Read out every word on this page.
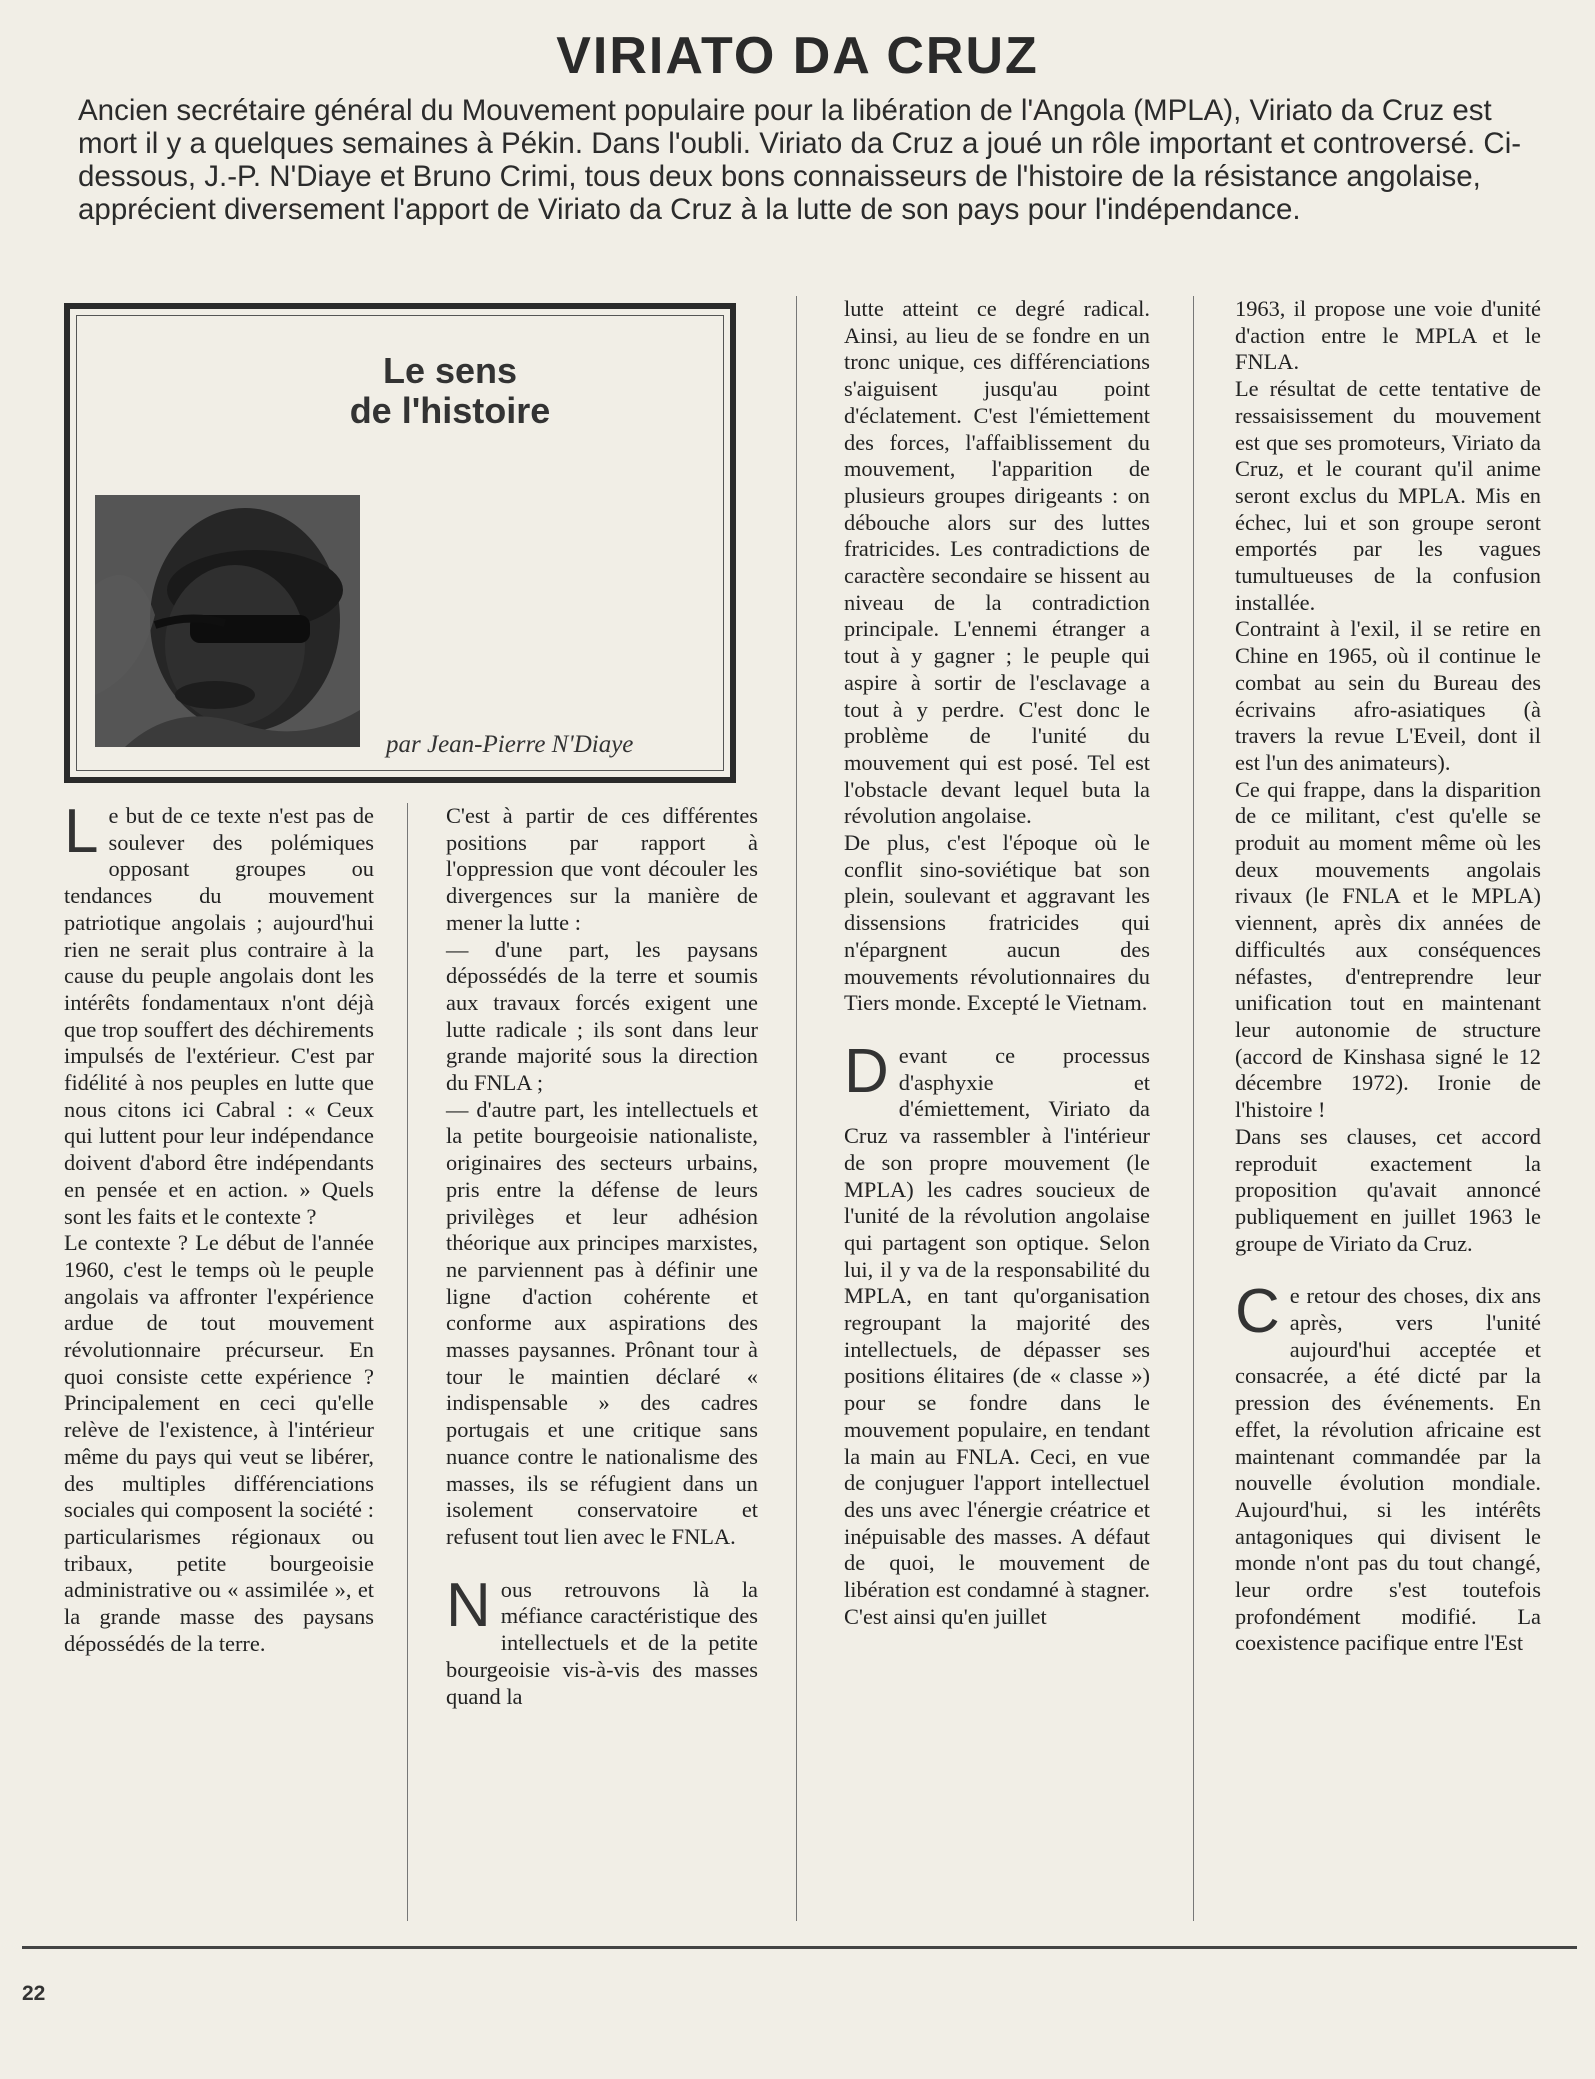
VIRIATO DA CRUZ

Ancien secrétaire général du Mouvement populaire pour la libération de l'Angola (MPLA), Viriato da Cruz est mort il y a quelques semaines à Pékin. Dans l'oubli. Viriato da Cruz a joué un rôle important et controversé. Ci-dessous, J.-P. N'Diaye et Bruno Crimi, tous deux bons connaisseurs de l'histoire de la résistance angolaise, apprécient diversement l'apport de Viriato da Cruz à la lutte de son pays pour l'indépendance.

Le sens
de l'histoire
par Jean-Pierre N'Diaye

Le but de ce texte n'est pas de soulever des polémiques opposant groupes ou tendances du mouvement patriotique angolais ; aujourd'hui rien ne serait plus contraire à la cause du peuple angolais dont les intérêts fondamentaux n'ont déjà que trop souffert des déchirements impulsés de l'extérieur. C'est par fidélité à nos peuples en lutte que nous citons ici Cabral : « Ceux qui luttent pour leur indépendance doivent d'abord être indépendants en pensée et en action. » Quels sont les faits et le contexte ?

Le contexte ? Le début de l'année 1960, c'est le temps où le peuple angolais va affronter l'expérience ardue de tout mouvement révolutionnaire précurseur. En quoi consiste cette expérience ? Principalement en ceci qu'elle relève de l'existence, à l'intérieur même du pays qui veut se libérer, des multiples différenciations sociales qui composent la société : particularismes régionaux ou tribaux, petite bourgeoisie administrative ou « assimilée », et la grande masse des paysans dépossédés de la terre.

C'est à partir de ces différentes positions par rapport à l'oppression que vont découler les divergences sur la manière de mener la lutte :

— d'une part, les paysans dépossédés de la terre et soumis aux travaux forcés exigent une lutte radicale ; ils sont dans leur grande majorité sous la direction du FNLA ;

— d'autre part, les intellectuels et la petite bourgeoisie nationaliste, originaires des secteurs urbains, pris entre la défense de leurs privilèges et leur adhésion théorique aux principes marxistes, ne parviennent pas à définir une ligne d'action cohérente et conforme aux aspirations des masses paysannes. Prônant tour à tour le maintien déclaré « indispensable » des cadres portugais et une critique sans nuance contre le nationalisme des masses, ils se réfugient dans un isolement conservatoire et refusent tout lien avec le FNLA.

Nous retrouvons là la méfiance caractéristique des intellectuels et de la petite bourgeoisie vis-à-vis des masses quand la

lutte atteint ce degré radical. Ainsi, au lieu de se fondre en un tronc unique, ces différenciations s'aiguisent jusqu'au point d'éclatement. C'est l'émiettement des forces, l'affaiblissement du mouvement, l'apparition de plusieurs groupes dirigeants : on débouche alors sur des luttes fratricides. Les contradictions de caractère secondaire se hissent au niveau de la contradiction principale. L'ennemi étranger a tout à y gagner ; le peuple qui aspire à sortir de l'esclavage a tout à y perdre. C'est donc le problème de l'unité du mouvement qui est posé. Tel est l'obstacle devant lequel buta la révolution angolaise.

De plus, c'est l'époque où le conflit sino-soviétique bat son plein, soulevant et aggravant les dissensions fratricides qui n'épargnent aucun des mouvements révolutionnaires du Tiers monde. Excepté le Vietnam.

Devant ce processus d'asphyxie et d'émiettement, Viriato da Cruz va rassembler à l'intérieur de son propre mouvement (le MPLA) les cadres soucieux de l'unité de la révolution angolaise qui partagent son optique. Selon lui, il y va de la responsabilité du MPLA, en tant qu'organisation regroupant la majorité des intellectuels, de dépasser ses positions élitaires (de « classe ») pour se fondre dans le mouvement populaire, en tendant la main au FNLA. Ceci, en vue de conjuguer l'apport intellectuel des uns avec l'énergie créatrice et inépuisable des masses. A défaut de quoi, le mouvement de libération est condamné à stagner. C'est ainsi qu'en juillet

1963, il propose une voie d'unité d'action entre le MPLA et le FNLA.

Le résultat de cette tentative de ressaisissement du mouvement est que ses promoteurs, Viriato da Cruz, et le courant qu'il anime seront exclus du MPLA. Mis en échec, lui et son groupe seront emportés par les vagues tumultueuses de la confusion installée.

Contraint à l'exil, il se retire en Chine en 1965, où il continue le combat au sein du Bureau des écrivains afro-asiatiques (à travers la revue L'Eveil, dont il est l'un des animateurs).

Ce qui frappe, dans la disparition de ce militant, c'est qu'elle se produit au moment même où les deux mouvements angolais rivaux (le FNLA et le MPLA) viennent, après dix années de difficultés aux conséquences néfastes, d'entreprendre leur unification tout en maintenant leur autonomie de structure (accord de Kinshasa signé le 12 décembre 1972). Ironie de l'histoire !

Dans ses clauses, cet accord reproduit exactement la proposition qu'avait annoncé publiquement en juillet 1963 le groupe de Viriato da Cruz.

Ce retour des choses, dix ans après, vers l'unité aujourd'hui acceptée et consacrée, a été dicté par la pression des événements. En effet, la révolution africaine est maintenant commandée par la nouvelle évolution mondiale. Aujourd'hui, si les intérêts antagoniques qui divisent le monde n'ont pas du tout changé, leur ordre s'est toutefois profondément modifié. La coexistence pacifique entre l'Est

22
